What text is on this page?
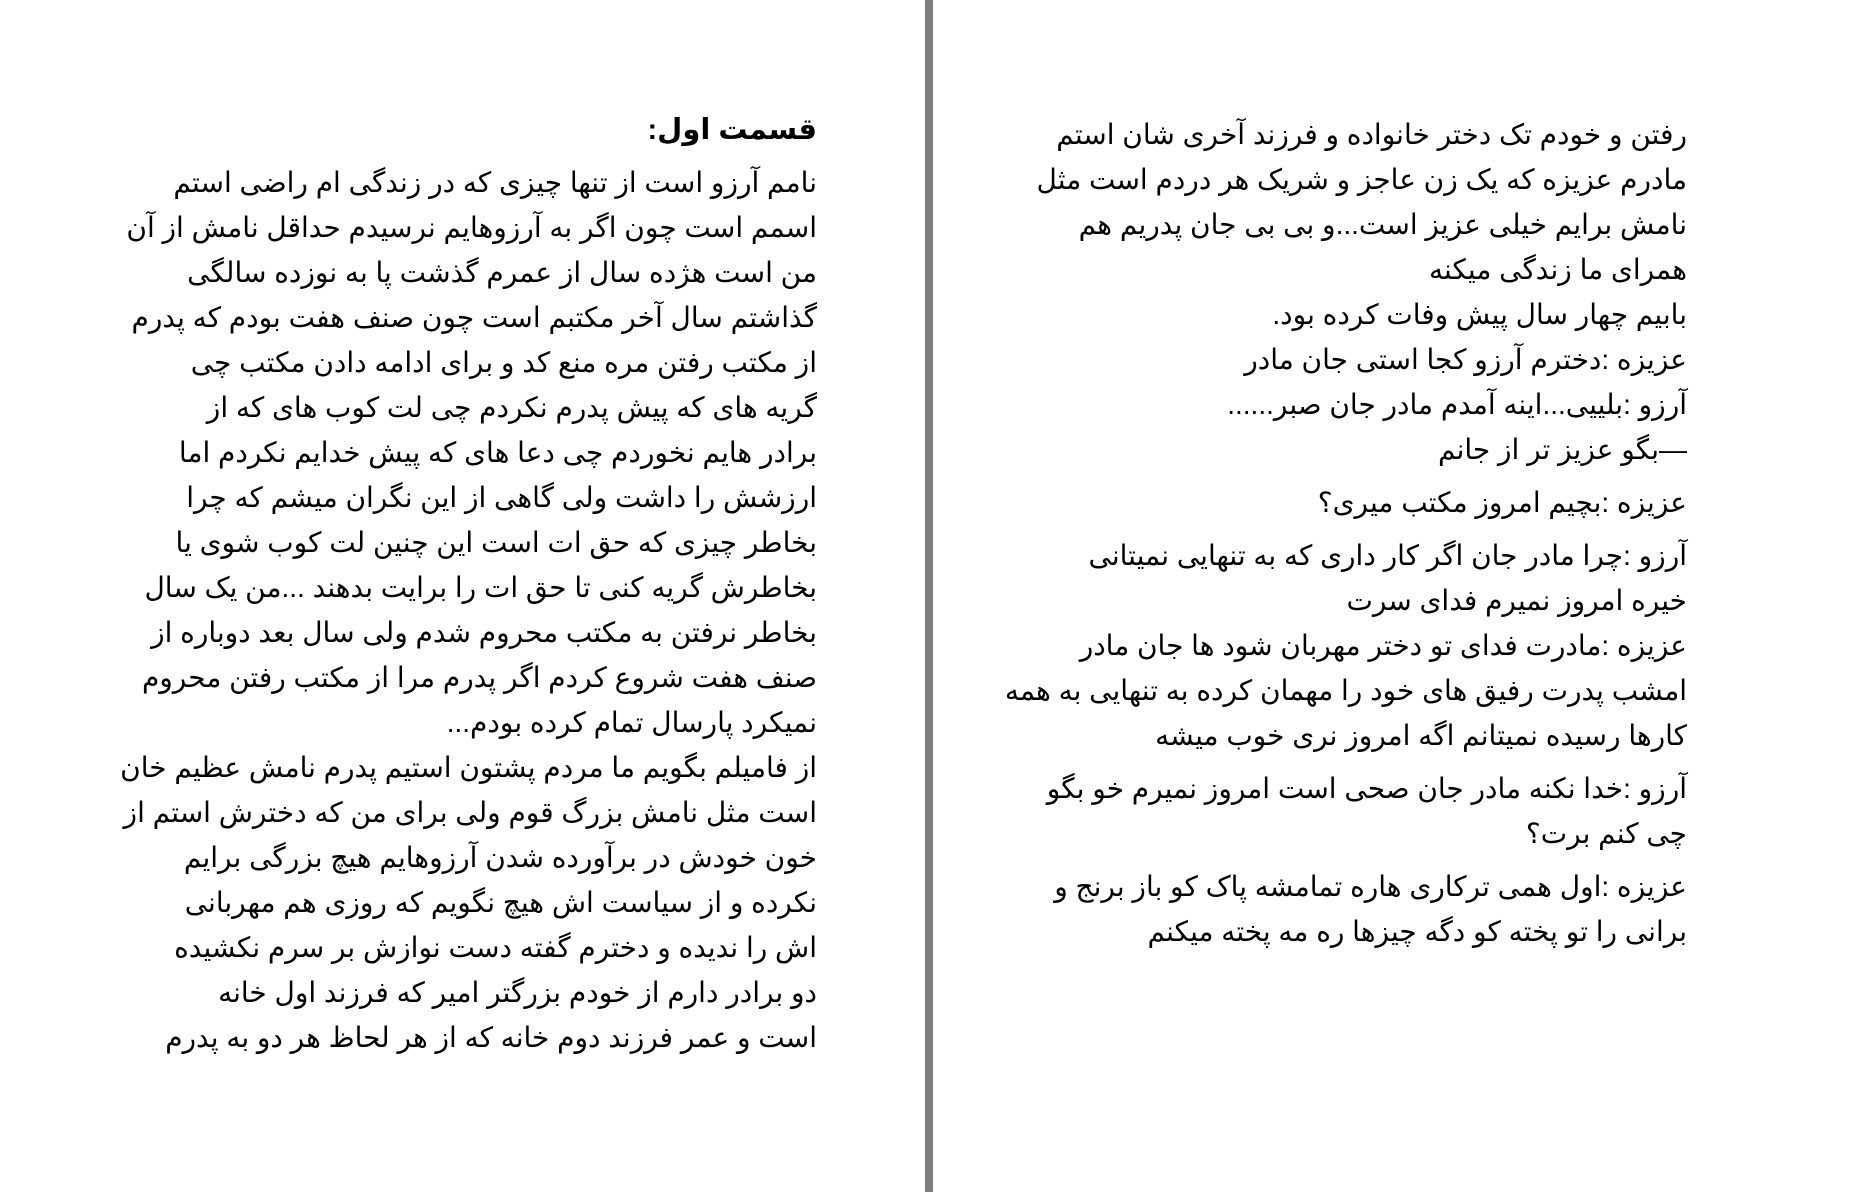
قسمت اول:
نامم آرزو است از تنها چیزی که در زندگی ام راضی استم
اسمم است چون اگر به آرزوهایم نرسیدم حداقل نامش از آن
من است هژده سال از عمرم گذشت پا به نوزده سالگی
گذاشتم سال آخر مکتبم است چون صنف هفت بودم که پدرم
از مکتب رفتن مره منع کد و برای ادامه دادن مکتب چی
گریه های که پیش پدرم نکردم چی لت کوب های که از
برادر هایم نخوردم چی دعا های که پیش خدایم نکردم اما
ارزشش را داشت ولی گاهی از این نگران میشم که چرا
بخاطر چیزی که حق ات است این چنین لت کوب شوی یا
بخاطرش گریه کنی تا حق ات را برایت بدهند ...من یک سال
بخاطر نرفتن به مکتب محروم شدم ولی سال بعد دوباره از
صنف هفت شروع کردم اگر پدرم مرا از مکتب رفتن محروم
نمیکرد پارسال تمام کرده بودم...
از فامیلم بگویم ما مردم پشتون استیم پدرم نامش عظیم خان
است مثل نامش بزرگ قوم ولی برای من که دخترش استم از
خون خودش در برآورده شدن آرزوهایم هیچ بزرگی برایم
نکرده و از سیاست اش هیچ نگویم که روزی هم مهربانی
اش را ندیده و دخترم گفته دست نوازش بر سرم نکشیده
دو برادر دارم از خودم بزرگتر امیر که فرزند اول خانه
است و عمر فرزند دوم خانه که از هر لحاظ هر دو به پدرم
رفتن و خودم تک دختر خانواده و فرزند آخری شان استم
مادرم عزیزه که یک زن عاجز و شریک هر دردم است مثل
نامش برایم خیلی عزیز است...و بی بی جان پدریم هم
همرای ما زندگی میکنه
بابیم چهار سال پیش وفات کرده بود.
عزیزه :دخترم آرزو کجا استی جان مادر
آرزو :بلییی...اینه آمدم مادر جان صبر......
—بگو عزیز تر از جانم
عزیزه :بچیم امروز مکتب میری؟
آرزو :چرا مادر جان اگر کار داری که به تنهایی نمیتانی
خیره امروز نمیرم فدای سرت
عزیزه :مادرت فدای تو دختر مهربان شود ها جان مادر
امشب پدرت رفیق های خود را مهمان کرده به تنهایی به همه
کارها رسیده نمیتانم اگه امروز نری خوب میشه
آرزو :خدا نکنه مادر جان صحی است امروز نمیرم خو بگو
چی کنم برت؟
عزیزه :اول همی ترکاری هاره تمامشه پاک کو باز برنج و
برانی را تو پخته کو دگه چیزها ره مه پخته میکنم
